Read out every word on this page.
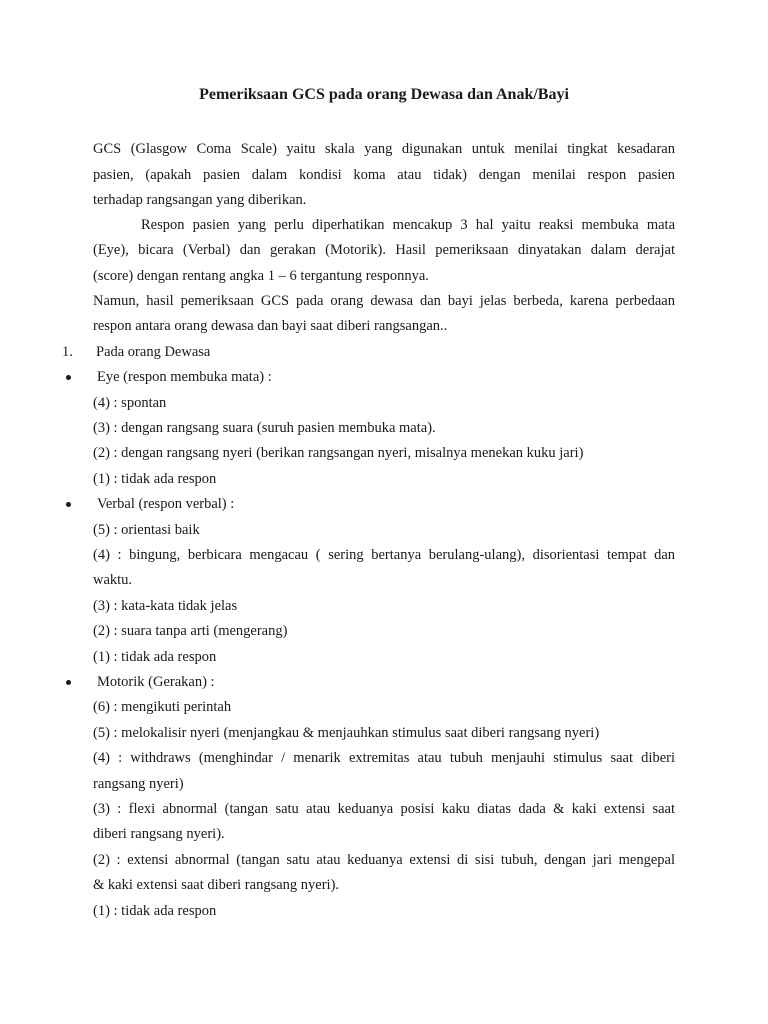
Pemeriksaan GCS pada orang Dewasa dan Anak/Bayi
GCS (Glasgow Coma Scale) yaitu skala yang digunakan untuk menilai tingkat kesadaran
pasien, (apakah pasien dalam kondisi koma atau tidak) dengan menilai respon pasien
terhadap rangsangan yang diberikan.
Respon pasien yang perlu diperhatikan mencakup 3 hal yaitu reaksi membuka mata
(Eye), bicara (Verbal) dan gerakan (Motorik). Hasil pemeriksaan dinyatakan dalam derajat
(score) dengan rentang angka 1 – 6 tergantung responnya.
Namun, hasil pemeriksaan GCS pada orang dewasa dan bayi jelas berbeda, karena perbedaan
respon antara orang dewasa dan bayi saat diberi rangsangan..
1. Pada orang Dewasa
Eye (respon membuka mata) :
(4) : spontan
(3) : dengan rangsang suara (suruh pasien membuka mata).
(2) : dengan rangsang nyeri (berikan rangsangan nyeri, misalnya menekan kuku jari)
(1) : tidak ada respon
Verbal (respon verbal) :
(5) : orientasi baik
(4) : bingung, berbicara mengacau ( sering bertanya berulang-ulang), disorientasi tempat dan
waktu.
(3) : kata-kata tidak jelas
(2) : suara tanpa arti (mengerang)
(1) : tidak ada respon
Motorik (Gerakan) :
(6) : mengikuti perintah
(5) : melokalisir nyeri (menjangkau & menjauhkan stimulus saat diberi rangsang nyeri)
(4) : withdraws (menghindar / menarik extremitas atau tubuh menjauhi stimulus saat diberi
rangsang nyeri)
(3) : flexi abnormal (tangan satu atau keduanya posisi kaku diatas dada & kaki extensi saat
diberi rangsang nyeri).
(2) : extensi abnormal (tangan satu atau keduanya extensi di sisi tubuh, dengan jari mengepal
& kaki extensi saat diberi rangsang nyeri).
(1) : tidak ada respon
